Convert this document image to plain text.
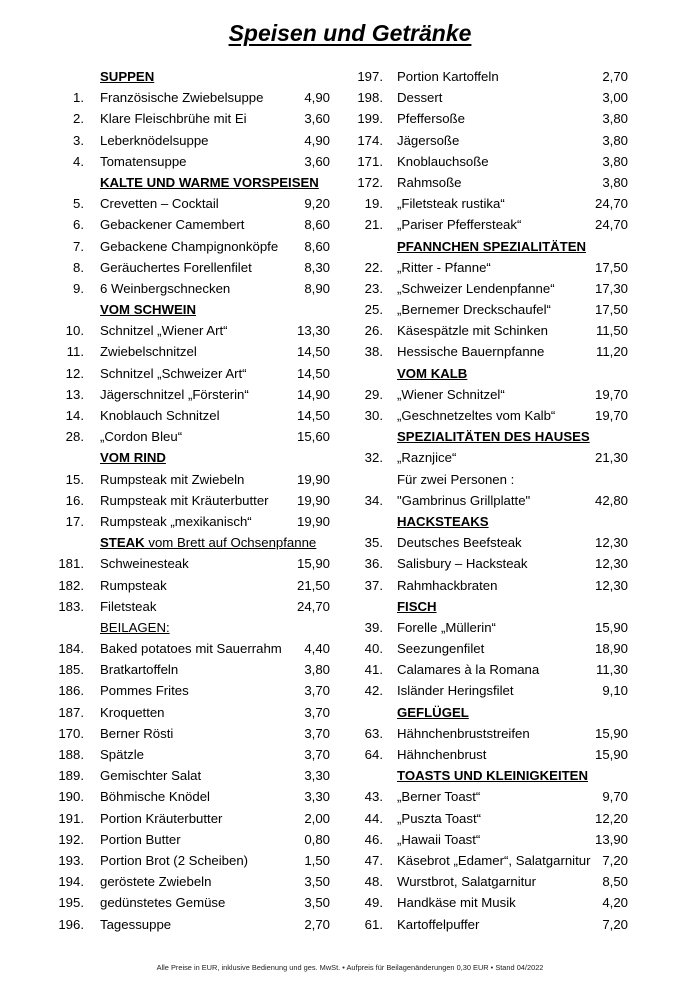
Speisen und Getränke
SUPPEN
1. Französische Zwiebelsuppe	4,90
2. Klare Fleischbrühe mit Ei	3,60
3. Leberknödelsuppe	4,90
4. Tomatensuppe	3,60
KALTE UND WARME VORSPEISEN
5. Crevetten – Cocktail	9,20
6. Gebackener Camembert	8,60
7. Gebackene Champignonköpfe 8,60
8. Geräuchertes Forellenfilet	8,30
9. 6 Weinbergschnecken	8,90
VOM SCHWEIN
10. Schnitzel „Wiener Art“	13,30
11. Zwiebelschnitzel	14,50
12. Schnitzel „Schweizer Art“	14,50
13. Jägerschnitzel „Försterin“	14,90
14. Knoblauch Schnitzel	14,50
28. „Cordon Bleu“	15,60
VOM RIND
15. Rumpsteak mit Zwiebeln	19,90
16. Rumpsteak mit Kräuterbutter 19,90
17. Rumpsteak „mexikanisch“	19,90
STEAK vom Brett auf Ochsenpfanne
181. Schweinesteak	15,90
182. Rumpsteak	21,50
183. Filetsteak	24,70
BEILAGEN:
184. Baked potatoes mit Sauerrahm 4,40
185. Bratkartoffeln	3,80
186. Pommes Frites	3,70
187. Kroquetten	3,70
170. Berner Rösti	3,70
188. Spätzle	3,70
189. Gemischter Salat	3,30
190. Böhmische Knödel	3,30
191. Portion Kräuterbutter	2,00
192. Portion Butter	0,80
193. Portion Brot (2 Scheiben)	1,50
194. geröstete Zwiebeln	3,50
195. gedünstetes Gemüse	3,50
196. Tagessuppe	2,70
197. Portion Kartoffeln	2,70
198. Dessert	3,00
199. Pfeffersoße	3,80
174. Jägersoße	3,80
171. Knoblauchsoße	3,80
172. Rahmsoße	3,80
19. „Filetsteak rustika“	24,70
21. „Pariser Pfeffersteak“	24,70
PFANNCHEN SPEZIALITÄTEN
22. „Ritter - Pfanne“	17,50
23. „Schweizer Lendenpfanne“	17,30
25. „Bernemer Dreckschaufel“	17,50
26. Käsespätzle mit Schinken	11,50
38. Hessische Bauernpfanne	11,20
VOM KALB
29. „Wiener Schnitzel“	19,70
30. „Geschnetzeltes vom Kalb“	19,70
SPEZIALITÄTEN DES HAUSES
32. „Raznjice“	21,30
Für zwei Personen :
34. "Gambrinus Grillplatte"	42,80
HACKSTEAKS
35. Deutsches Beefsteak	12,30
36. Salisbury – Hacksteak	12,30
37. Rahmhackbraten	12,30
FISCH
39. Forelle „Müllerin“	15,90
40. Seezungenfilet	18,90
41. Calamares à la Romana	11,30
42. Isländer Heringsfilet	9,10
GEFLÜGEL
63. Hähnchenbruststreifen	15,90
64. Hähnchenbrust	15,90
TOASTS UND KLEINIGKEITEN
43. „Berner Toast“	9,70
44. „Puszta Toast“	12,20
46. „Hawaii Toast“	13,90
47. Käsebrot „Edamer“, Salatgarnitur 7,20
48. Wurstbrot, Salatgarnitur	8,50
49. Handkäse mit Musik	4,20
61. Kartoffelpuffer	7,20
Alle Preise in EUR, inklusive Bedienung und ges. MwSt. • Aufpreis für Beilagenänderungen 0,30 EUR • Stand 04/2022
